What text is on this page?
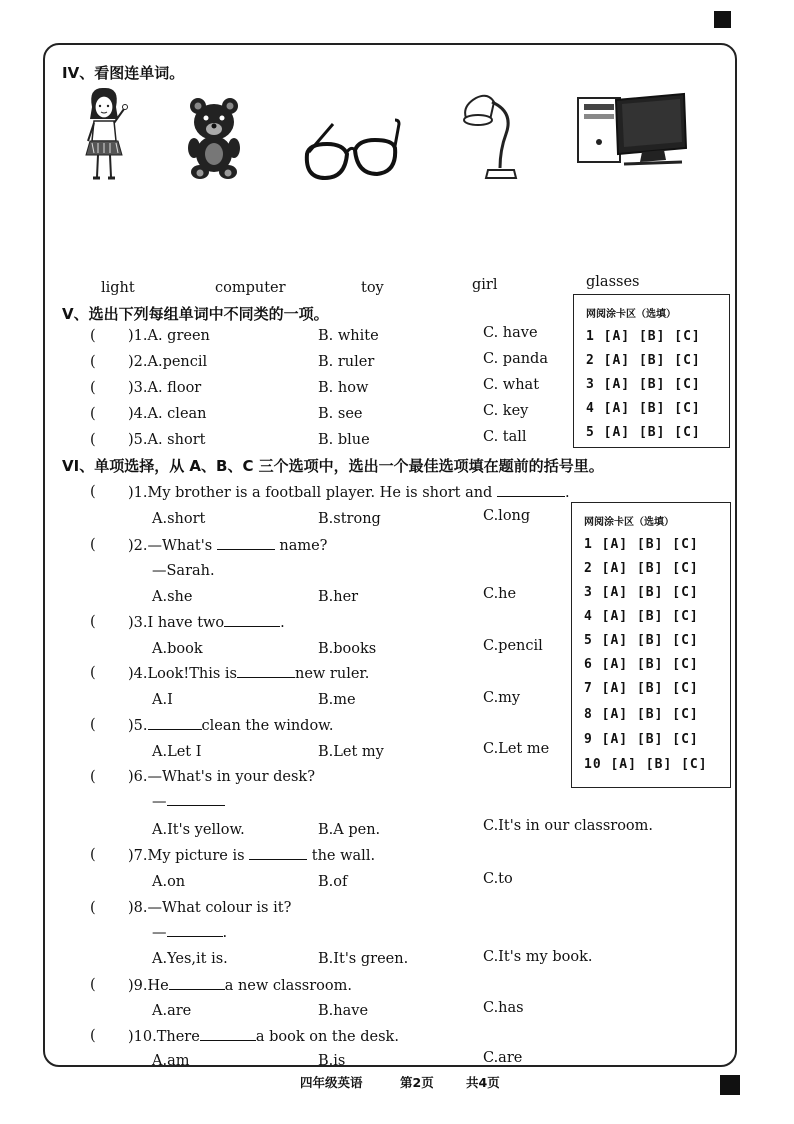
IV、看图连单词。
light	computer	toy	girl	glasses
V、选出下列每组单词中不同类的一项。
( )1.A. green	B. white	C. have
( )2.A.pencil	B. ruler	C. panda
( )3.A. floor	B. how	C. what
( )4.A. clean	B. see	C. key
( )5.A. short	B. blue	C. tall
网阅涂卡区（选填）
1 [A] [B] [C]
2 [A] [B] [C]
3 [A] [B] [C]
4 [A] [B] [C]
5 [A] [B] [C]
VI、单项选择，从 A、B、C 三个选项中，选出一个最佳选项填在题前的括号里。
( )1.My brother is a football player. He is short and	.
A.short	B.strong	C.long
( )2.—What's	name?
—Sarah.
A.she	B.her	C.he
( )3.I have two	.
A.book	B.books	C.pencil
( )4.Look!This is	new ruler.
A.I	B.me	C.my
( )5.	clean the window.
A.Let I	B.Let my	C.Let me
( )6.—What's in your desk?
—
A.It's yellow.	B.A pen.	C.It's in our classroom.
( )7.My picture is	the wall.
A.on	B.of	C.to
( )8.—What colour is it?
—	.
A.Yes,it is.	B.It's green.	C.It's my book.
( )9.He	a new classroom.
A.are	B.have	C.has
( )10.There	a book on the desk.
A.am	B.is	C.are
网阅涂卡区（选填）
1 [A] [B] [C]
2 [A] [B] [C]
3 [A] [B] [C]
4 [A] [B] [C]
5 [A] [B] [C]
6 [A] [B] [C]
7 [A] [B] [C]
8 [A] [B] [C]
9 [A] [B] [C]
10 [A] [B] [C]
四年级英语	第2页	共4页
